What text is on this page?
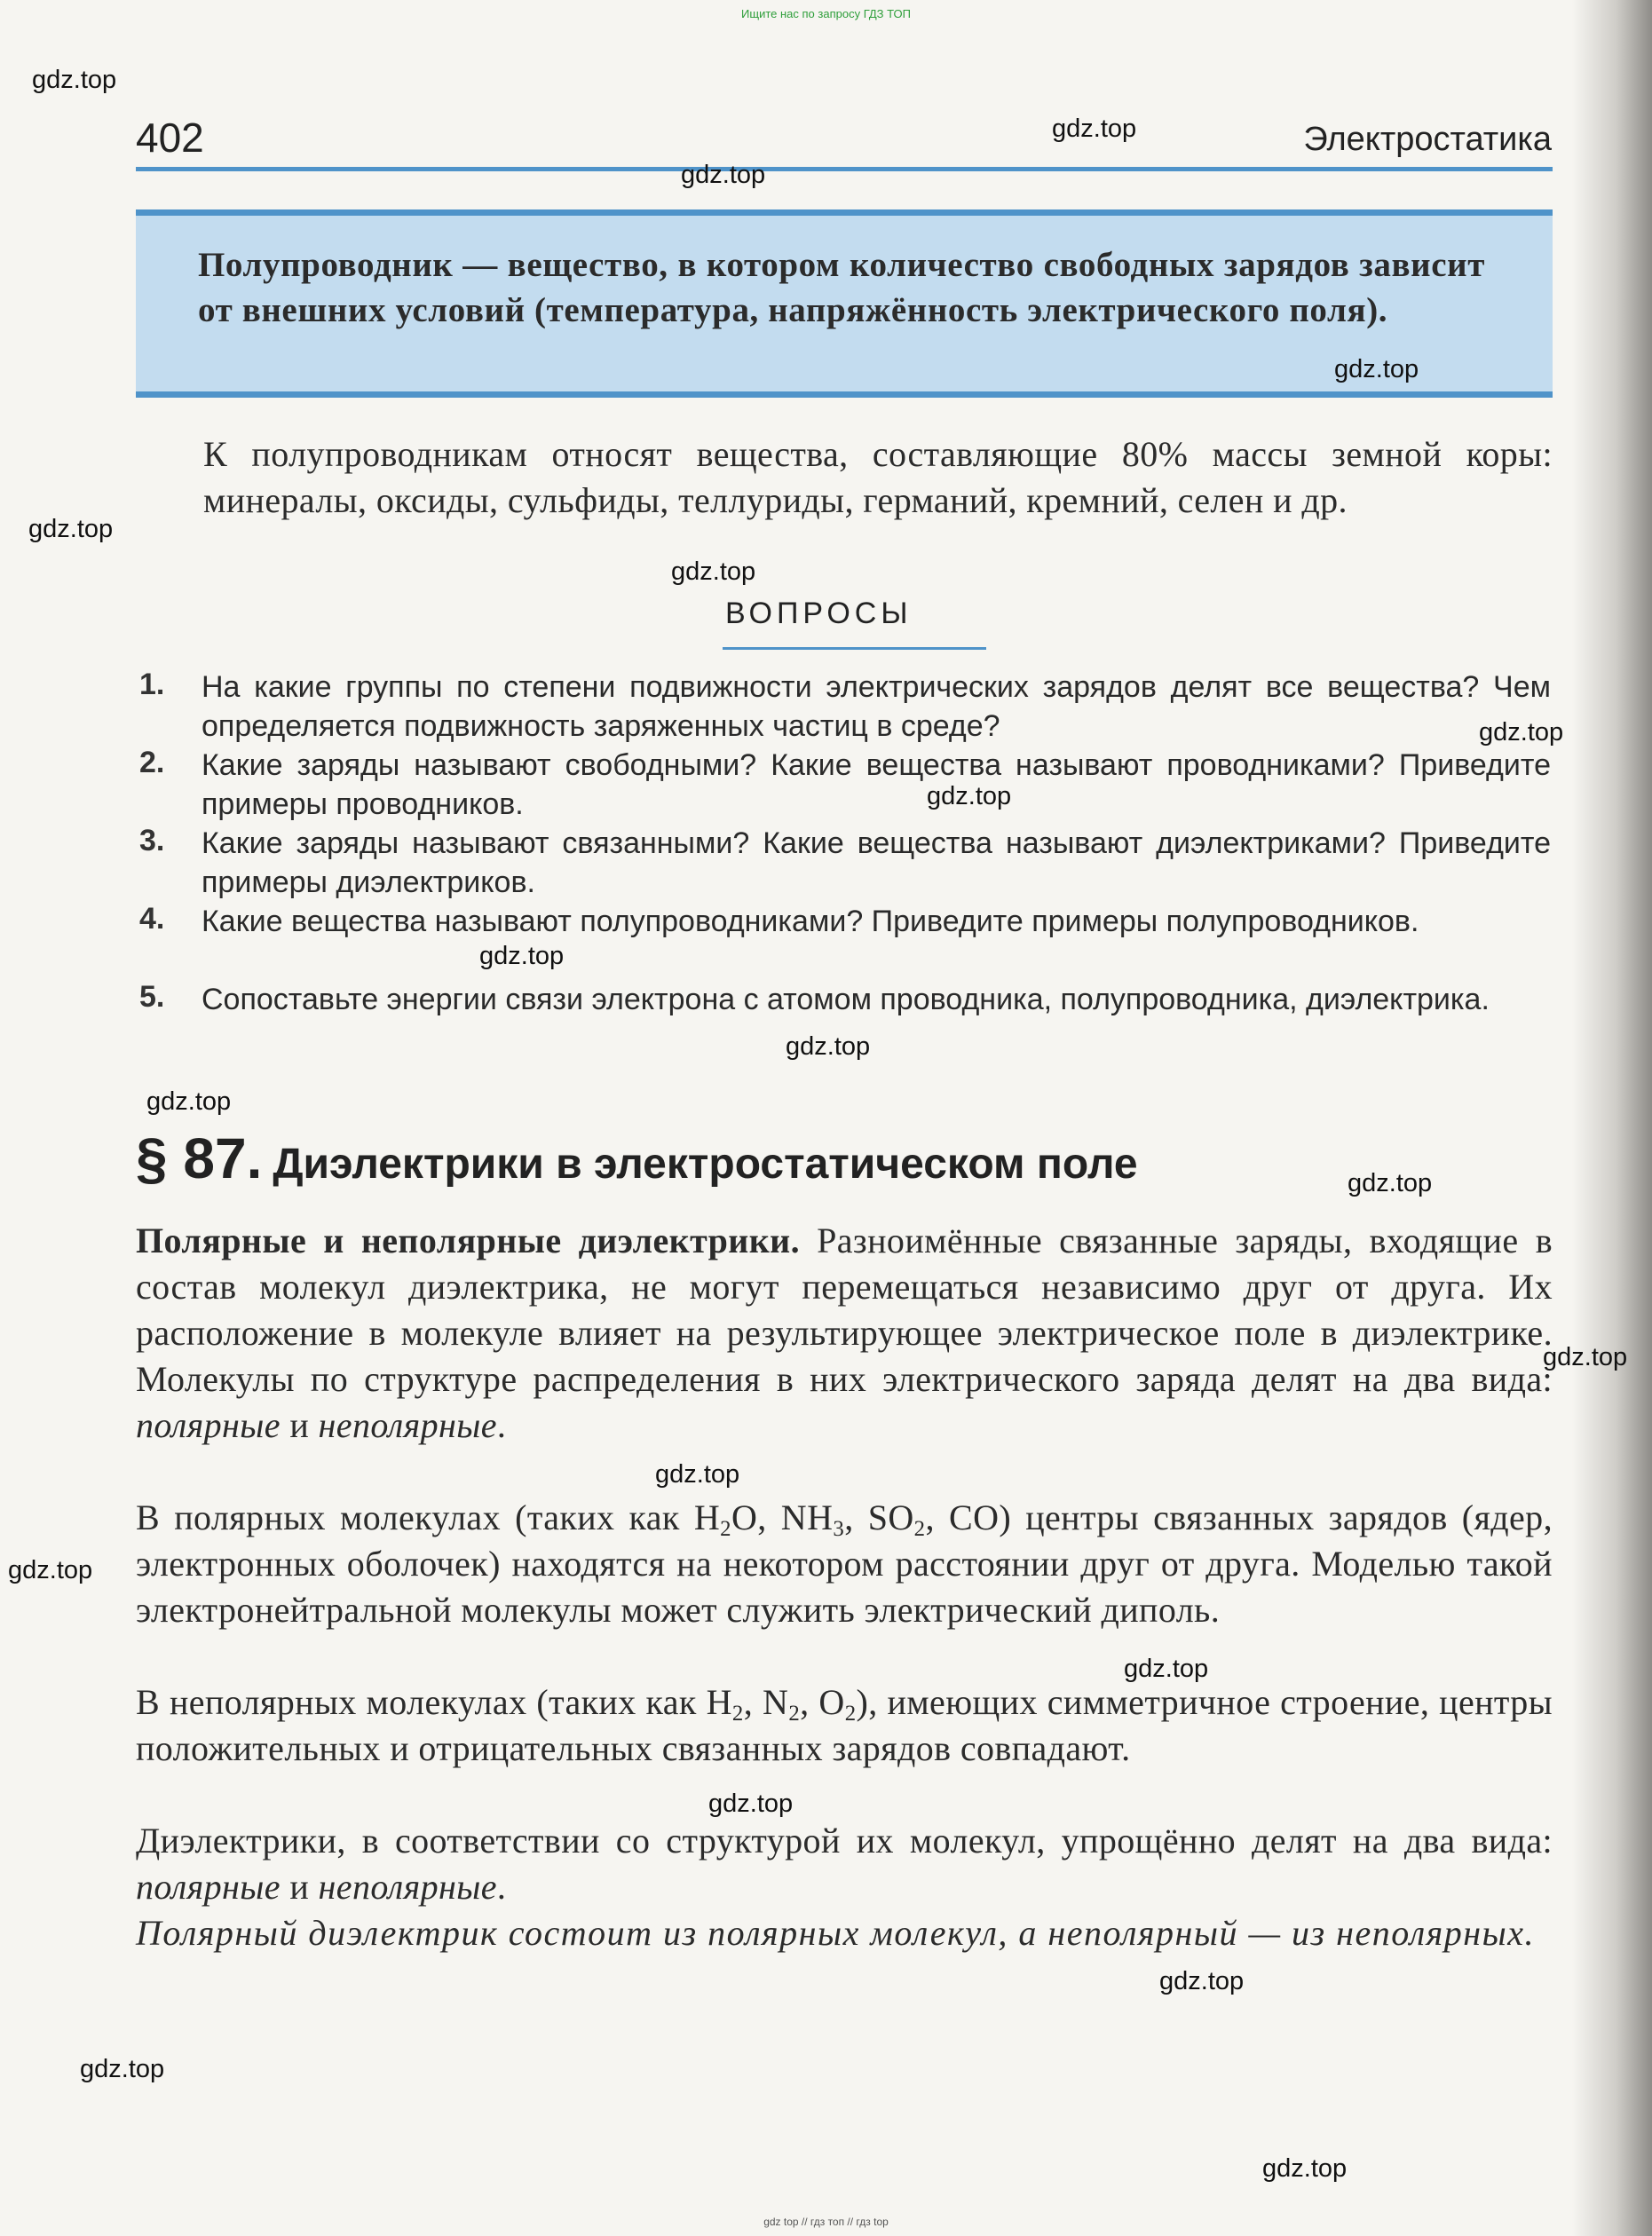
Ищите нас по запросу ГДЗ ТОП
402	Электростатика
Полупроводник — вещество, в котором количество свободных зарядов зависит от внешних условий (температура, напряжённость электрического поля).
К полупроводникам относят вещества, составляющие 80% массы земной коры: минералы, оксиды, сульфиды, теллуриды, германий, кремний, селен и др.
ВОПРОСЫ
1. На какие группы по степени подвижности электрических зарядов делят все вещества? Чем определяется подвижность заряженных частиц в среде?
2. Какие заряды называют свободными? Какие вещества называют проводниками? Приведите примеры проводников.
3. Какие заряды называют связанными? Какие вещества называют диэлектриками? Приведите примеры диэлектриков.
4. Какие вещества называют полупроводниками? Приведите примеры полупроводников.
5. Сопоставьте энергии связи электрона с атомом проводника, полупроводника, диэлектрика.
§ 87. Диэлектрики в электростатическом поле
Полярные и неполярные диэлектрики. Разноимённые связанные заряды, входящие в состав молекул диэлектрика, не могут перемещаться независимо друг от друга. Их расположение в молекуле влияет на результирующее электрическое поле в диэлектрике. Молекулы по структуре распределения в них электрического заряда делят на два вида: полярные и неполярные.
В полярных молекулах (таких как $H_2O$, $NH_3$, $SO_2$, CO) центры связанных зарядов (ядер, электронных оболочек) находятся на некотором расстоянии друг от друга. Моделью такой электронейтральной молекулы может служить электрический диполь.
В неполярных молекулах (таких как $H_2$, $N_2$, $O_2$), имеющих симметричное строение, центры положительных и отрицательных связанных зарядов совпадают.
Диэлектрики, в соответствии со структурой их молекул, упрощённо делят на два вида: полярные и неполярные.
Полярный диэлектрик состоит из полярных молекул, а неполярный — из неполярных.
gdz.top
gdz.top
gdz.top
gdz.top
gdz.top
gdz.top
gdz.top
gdz.top
gdz.top
gdz.top
gdz.top
gdz.top
gdz.top
gdz.top
gdz.top
gdz.top
gdz.top
gdz.top
gdz.top
gdz.top
gdz top // гдз топ // гдз top
